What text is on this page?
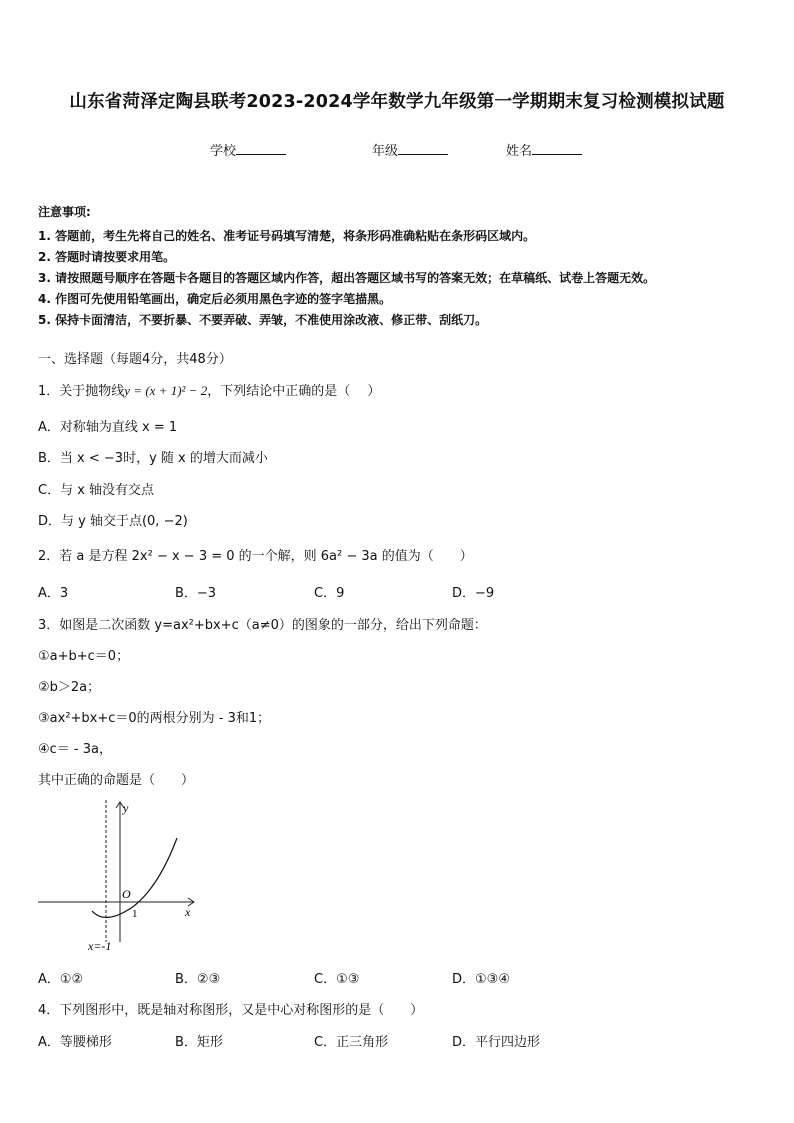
山东省菏泽定陶县联考2023-2024学年数学九年级第一学期期末复习检测模拟试题
学校	年级	姓名
注意事项:
1. 答题前，考生先将自己的姓名、准考证号码填写清楚，将条形码准确粘贴在条形码区域内。
2. 答题时请按要求用笔。
3. 请按照题号顺序在答题卡各题目的答题区域内作答，超出答题区域书写的答案无效；在草稿纸、试卷上答题无效。
4. 作图可先使用铅笔画出，确定后必须用黑色字迹的签字笔描黑。
5. 保持卡面清洁，不要折暴、不要弄破、弄皱，不准使用涂改液、修正带、刮纸刀。
一、选择题（每题4分，共48分）
1．关于抛物线y = (x + 1)² − 2，下列结论中正确的是（　 ）
A．对称轴为直线 x = 1
B．当 x < −3时，y 随 x 的增大而减小
C．与 x 轴没有交点
D．与 y 轴交于点(0, −2)
2．若 a 是方程 2x² − x − 3 = 0 的一个解，则 6a² − 3a 的值为（　　）
A．3	B．−3	C．9	D．−9
3．如图是二次函数 y=ax²+bx+c（a≠0）的图象的一部分，给出下列命题：
①a+b+c＝0；
②b＞2a；
③ax²+bx+c＝0的两根分别为 - 3和1；
④c＝ - 3a，
其中正确的命题是（　　）
y
x
O
1
x=-1
A．①②	B．②③	C．①③	D．①③④
4．下列图形中，既是轴对称图形，又是中心对称图形的是（　　）
A．等腰梯形	B．矩形	C．正三角形	D．平行四边形
